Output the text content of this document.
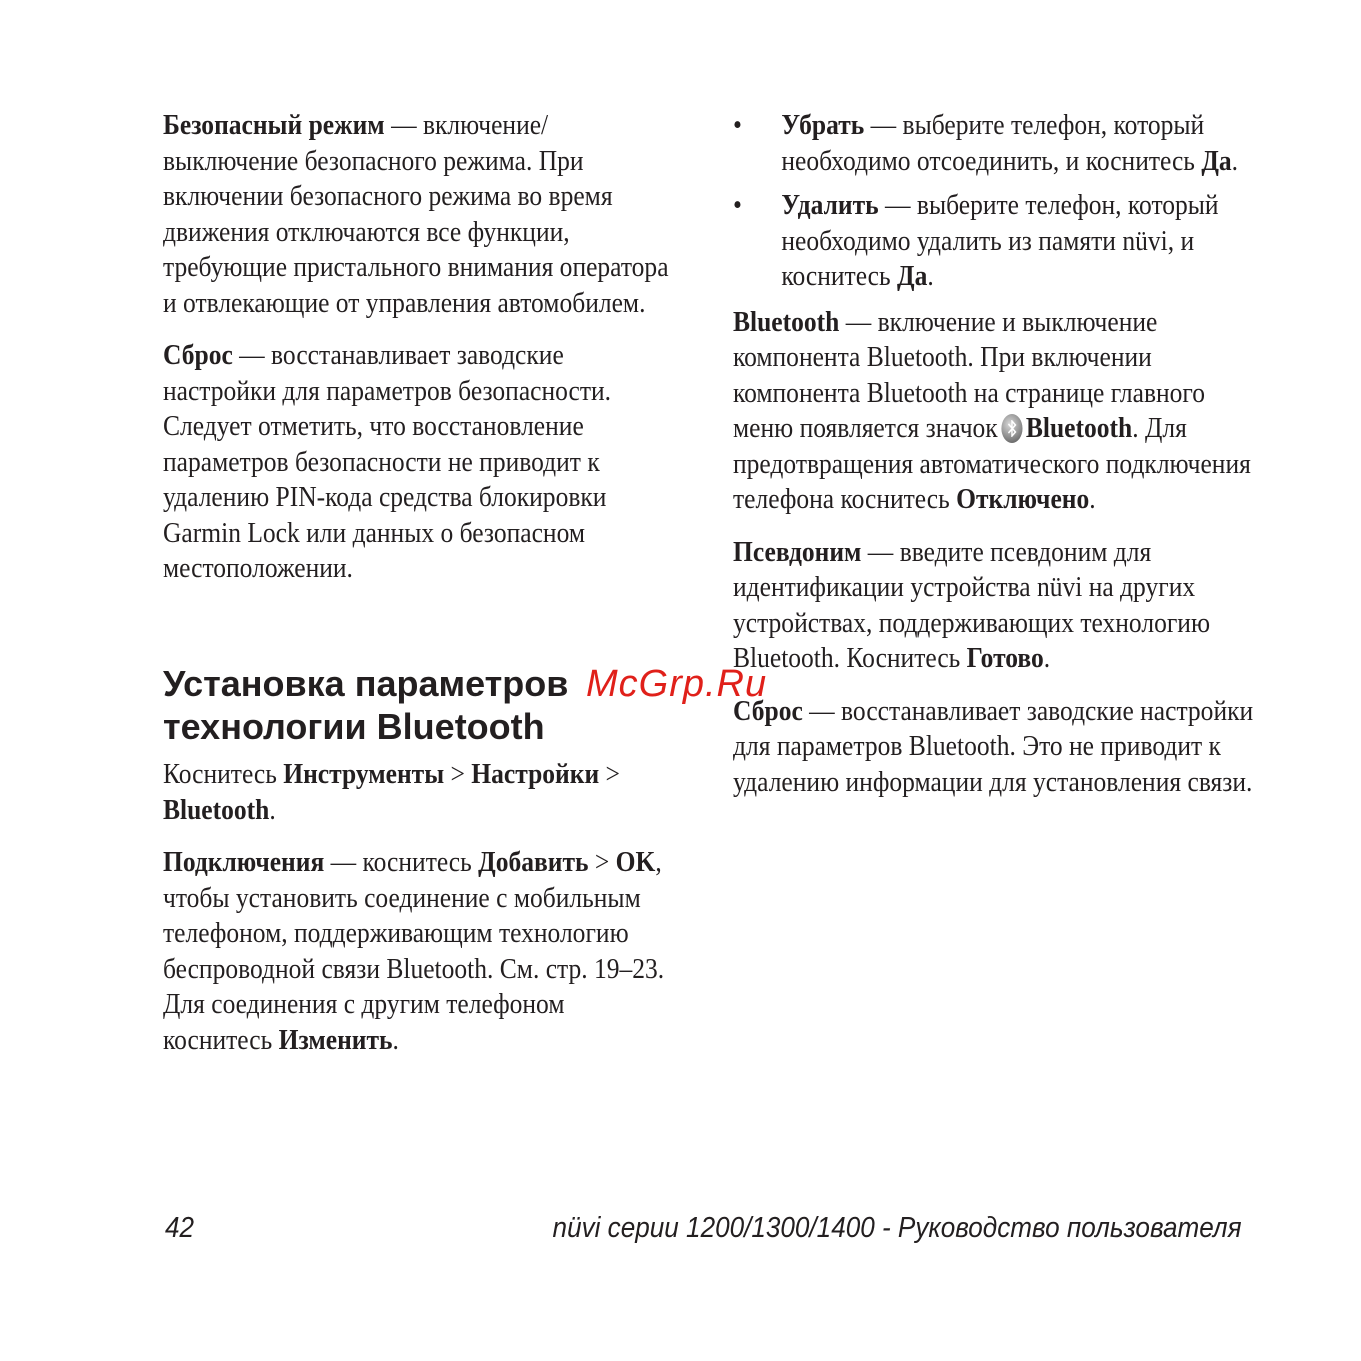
Безопасный режим — включение/ выключение безопасного режима. При включении безопасного режима во время движения отключаются все функции, требующие пристального внимания оператора и отвлекающие от управления автомобилем.

Сброс — восстанавливает заводские настройки для параметров безопасности. Следует отметить, что восстановление параметров безопасности не приводит к удалению PIN-кода средства блокировки Garmin Lock или данных о безопасном местоположении.

Установка параметров
технологии Bluetooth
McGrp.Ru

Коснитесь Инструменты > Настройки > Bluetooth.

Подключения — коснитесь Добавить > OK, чтобы установить соединение с мобильным телефоном, поддерживающим технологию беспроводной связи Bluetooth. См. стр. 19–23. Для соединения с другим телефоном коснитесь Изменить.

• Убрать — выберите телефон, который необходимо отсоединить, и коснитесь Да.
• Удалить — выберите телефон, который необходимо удалить из памяти nüvi, и коснитесь Да.

Bluetooth — включение и выключение компонента Bluetooth. При включении компонента Bluetooth на странице главного меню появляется значок Bluetooth. Для предотвращения автоматического подключения телефона коснитесь Отключено.

Псевдоним — введите псевдоним для идентификации устройства nüvi на других устройствах, поддерживающих технологию Bluetooth. Коснитесь Готово.

Сброс — восстанавливает заводские настройки для параметров Bluetooth. Это не приводит к удалению информации для установления связи.

42	nüvi серии 1200/1300/1400 - Руководство пользователя
